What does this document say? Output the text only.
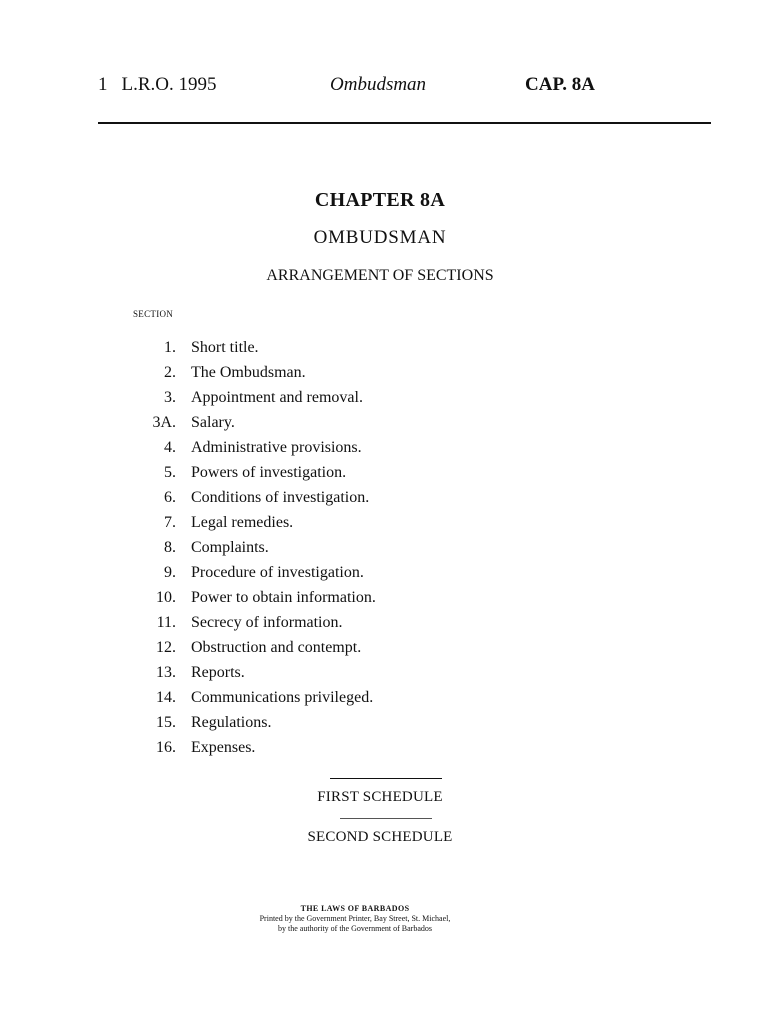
1 L.R.O. 1995	Ombudsman	CAP. 8A
CHAPTER 8A
OMBUDSMAN
ARRANGEMENT OF SECTIONS
SECTION
1. Short title.
2. The Ombudsman.
3. Appointment and removal.
3A. Salary.
4. Administrative provisions.
5. Powers of investigation.
6. Conditions of investigation.
7. Legal remedies.
8. Complaints.
9. Procedure of investigation.
10. Power to obtain information.
11. Secrecy of information.
12. Obstruction and contempt.
13. Reports.
14. Communications privileged.
15. Regulations.
16. Expenses.
FIRST SCHEDULE
SECOND SCHEDULE
THE LAWS OF BARBADOS
Printed by the Government Printer, Bay Street, St. Michael,
by the authority of the Government of Barbados
